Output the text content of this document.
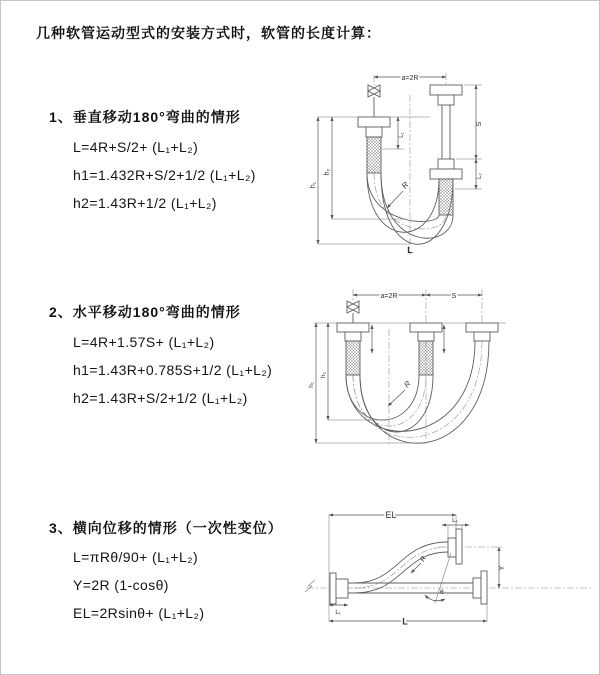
几种软管运动型式的安装方式时，软管的长度计算：
1、垂直移动180°弯曲的情形
L=4R+S/2+ (L₁+L₂)
h1=1.432R+S/2+1/2 (L₁+L₂)
h2=1.43R+1/2 (L₁+L₂)
2、水平移动180°弯曲的情形
L=4R+1.57S+ (L₁+L₂)
h1=1.43R+0.785S+1/2 (L₁+L₂)
h2=1.43R+S/2+1/2 (L₁+L₂)
3、横向位移的情形（一次性变位）
L=πRθ/90+ (L₁+L₂)
Y=2R (1-cosθ)
EL=2Rsinθ+ (L₁+L₂)
a=2R
h₁
h₂
L₁
S
L₂
R
L
a=2R	S
h₁
h₂
R
EL
L
L₁
L₂
Y
θ
R
